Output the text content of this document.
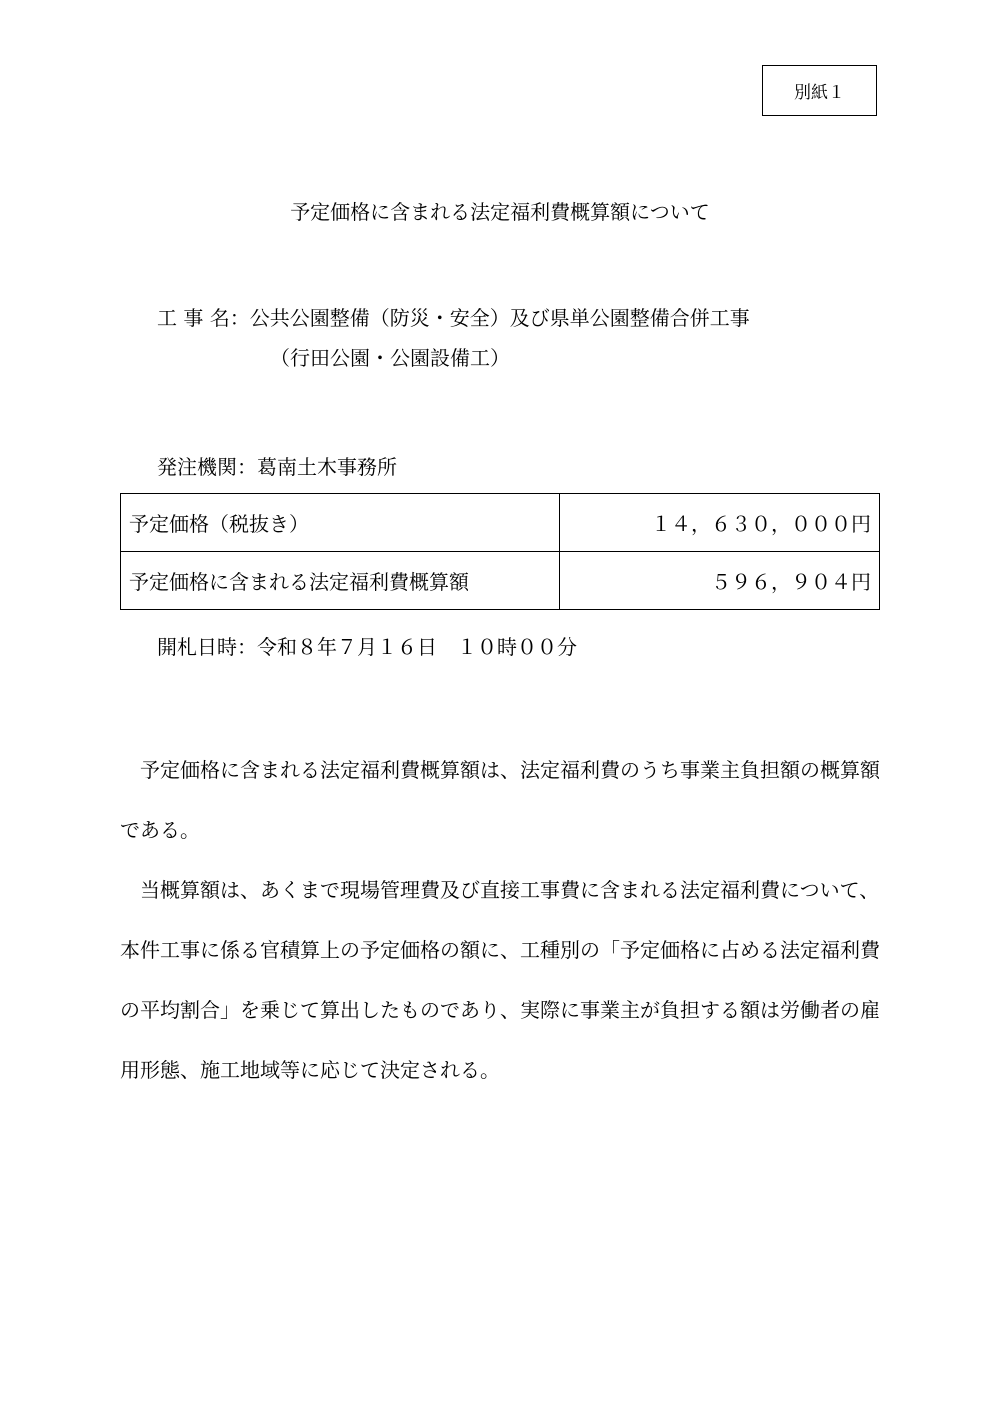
別紙１
予定価格に含まれる法定福利費概算額について
工 事 名：公共公園整備（防災・安全）及び県単公園整備合併工事
（行田公園・公園設備工）
発注機関：葛南土木事務所
予定価格（税抜き）	１４，６３０，０００円
予定価格に含まれる法定福利費概算額	５９６，９０４円
開札日時：令和８年７月１６日　１０時００分

予定価格に含まれる法定福利費概算額は、法定福利費のうち事業主負担額の概算額である。

当概算額は、あくまで現場管理費及び直接工事費に含まれる法定福利費について、本件工事に係る官積算上の予定価格の額に、工種別の「予定価格に占める法定福利費の平均割合」を乗じて算出したものであり、実際に事業主が負担する額は労働者の雇用形態、施工地域等に応じて決定される。
